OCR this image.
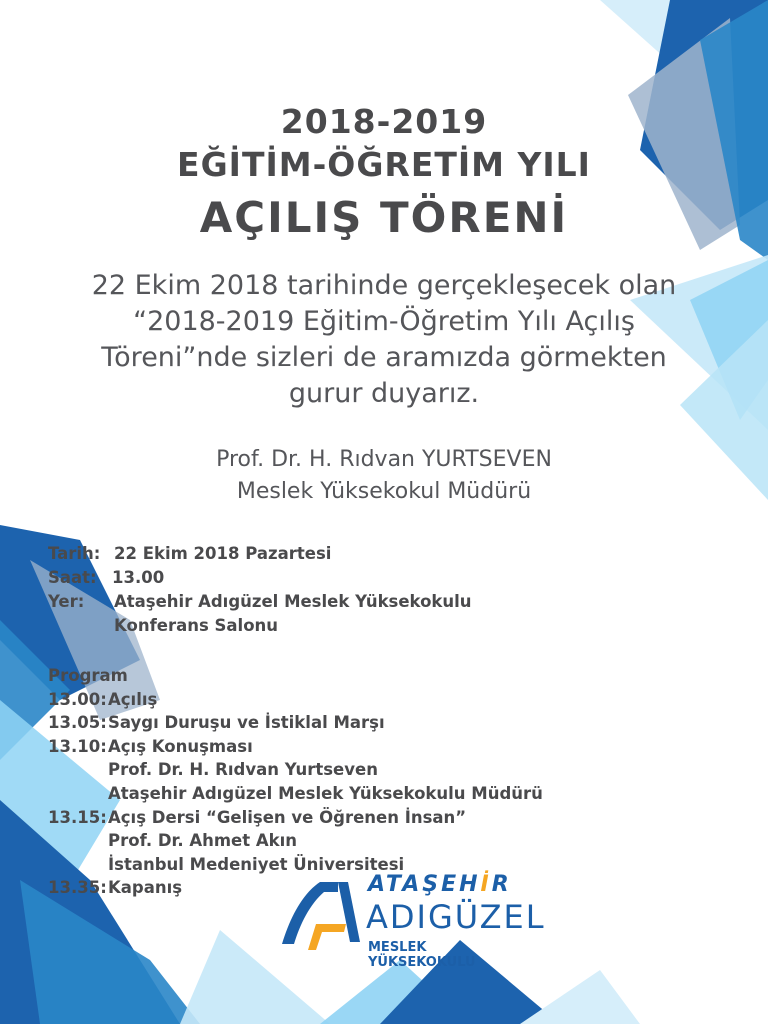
2018-2019
EĞİTİM-ÖĞRETİM YILI
AÇILIŞ TÖRENİ
22 Ekim 2018 tarihinde gerçekleşecek olan
“2018-2019 Eğitim-Öğretim Yılı Açılış
Töreni”nde sizleri de aramızda görmekten
gurur duyarız.
Prof. Dr. H. Rıdvan YURTSEVEN
Meslek Yüksekokul Müdürü
Tarih: 22 Ekim 2018 Pazartesi
Saat: 13.00
Yer: Ataşehir Adıgüzel Meslek Yüksekokulu
Konferans Salonu
Program
13.00: Açılış
13.05: Saygı Duruşu ve İstiklal Marşı
13.10: Açış Konuşması
Prof. Dr. H. Rıdvan Yurtseven
Ataşehir Adıgüzel Meslek Yüksekokulu Müdürü
13.15: Açış Dersi “Gelişen ve Öğrenen İnsan”
Prof. Dr. Ahmet Akın
İstanbul Medeniyet Üniversitesi
13.35: Kapanış	ATAŞEHİR
ADIGÜZEL
MESLEK YÜKSEKOKULU
